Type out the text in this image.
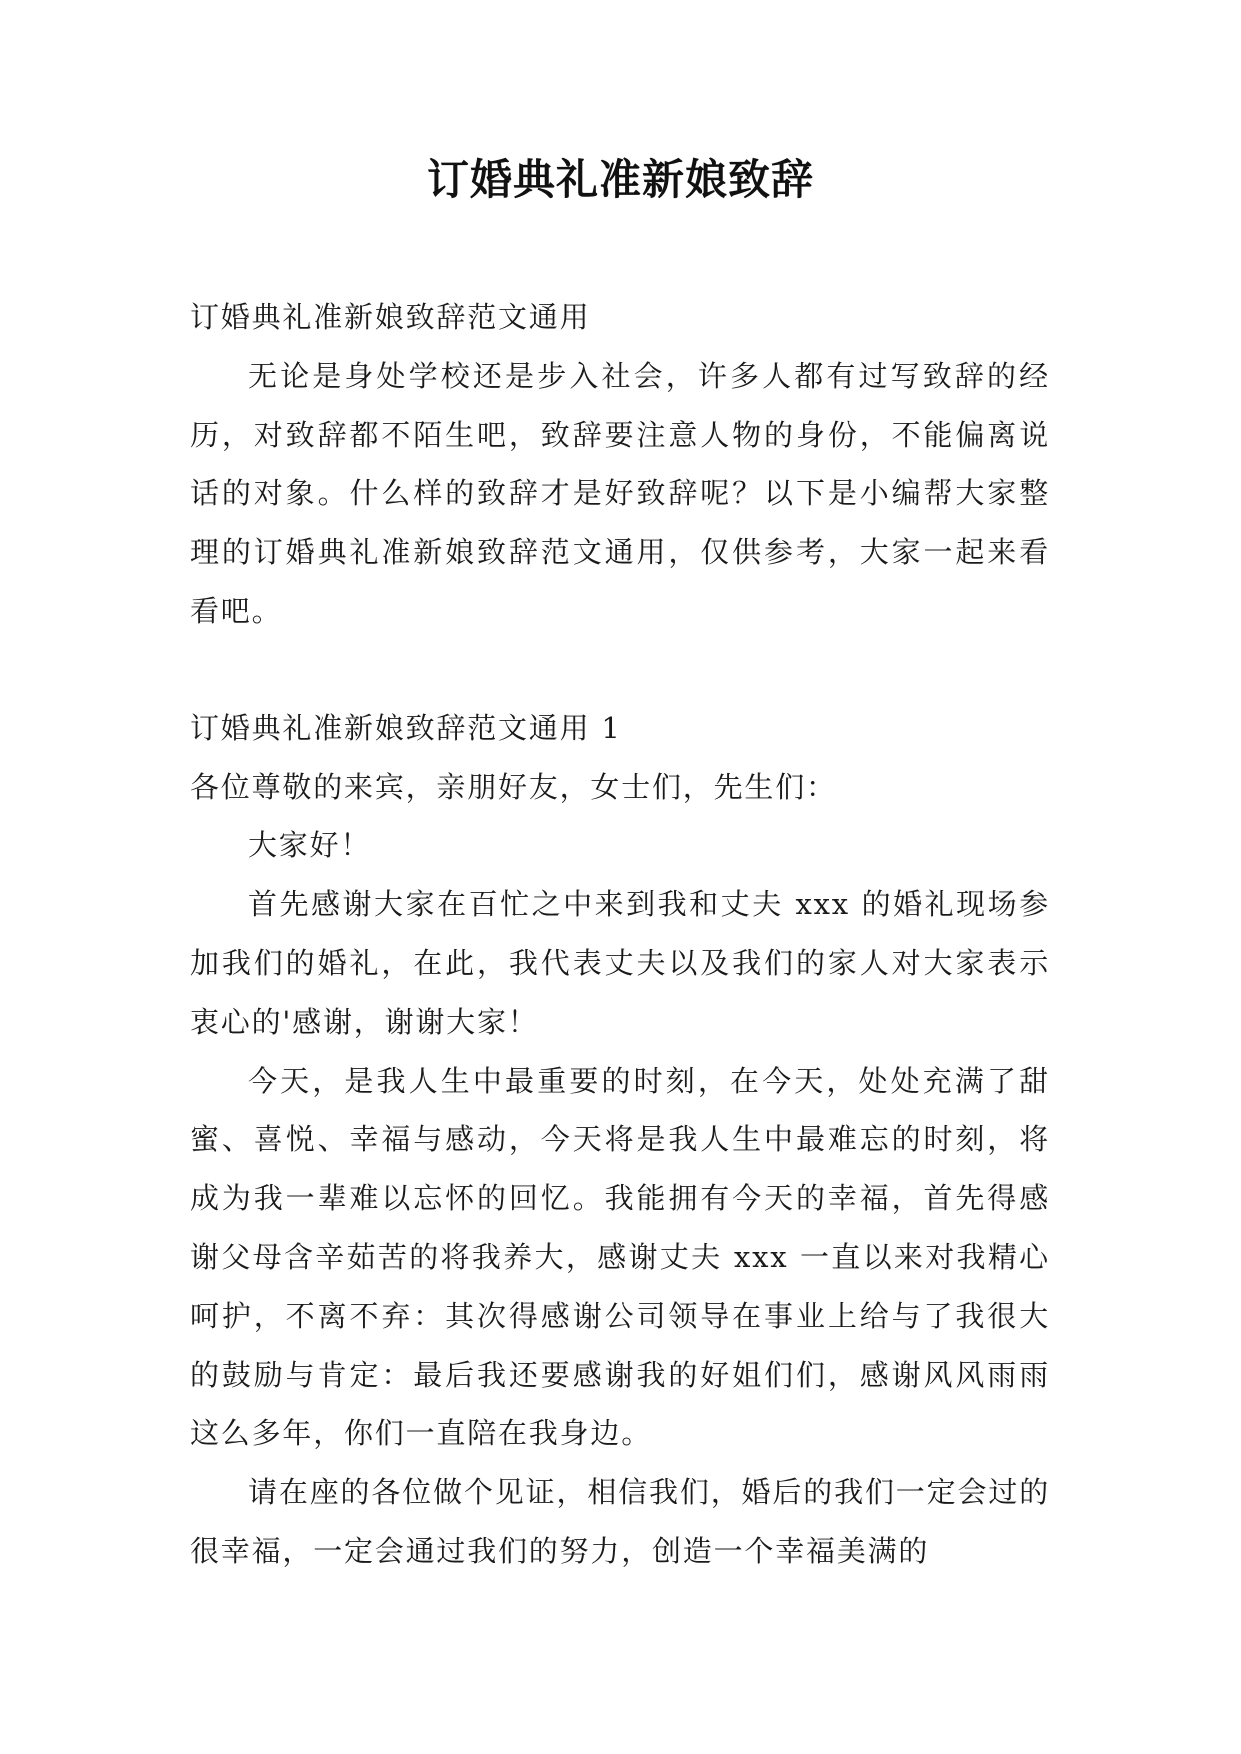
订婚典礼准新娘致辞

订婚典礼准新娘致辞范文通用

无论是身处学校还是步入社会，许多人都有过写致辞的经历，对致辞都不陌生吧，致辞要注意人物的身份，不能偏离说话的对象。什么样的致辞才是好致辞呢？以下是小编帮大家整理的订婚典礼准新娘致辞范文通用，仅供参考，大家一起来看看吧。

订婚典礼准新娘致辞范文通用 1

各位尊敬的来宾，亲朋好友，女士们，先生们：

大家好！

首先感谢大家在百忙之中来到我和丈夫 xxx 的婚礼现场参加我们的婚礼，在此，我代表丈夫以及我们的家人对大家表示衷心的'感谢，谢谢大家！

今天，是我人生中最重要的时刻，在今天，处处充满了甜蜜、喜悦、幸福与感动，今天将是我人生中最难忘的时刻，将成为我一辈难以忘怀的回忆。我能拥有今天的幸福，首先得感谢父母含辛茹苦的将我养大，感谢丈夫 xxx 一直以来对我精心呵护，不离不弃：其次得感谢公司领导在事业上给与了我很大的鼓励与肯定：最后我还要感谢我的好姐们们，感谢风风雨雨这么多年，你们一直陪在我身边。

请在座的各位做个见证，相信我们，婚后的我们一定会过的很幸福，一定会通过我们的努力，创造一个幸福美满的
